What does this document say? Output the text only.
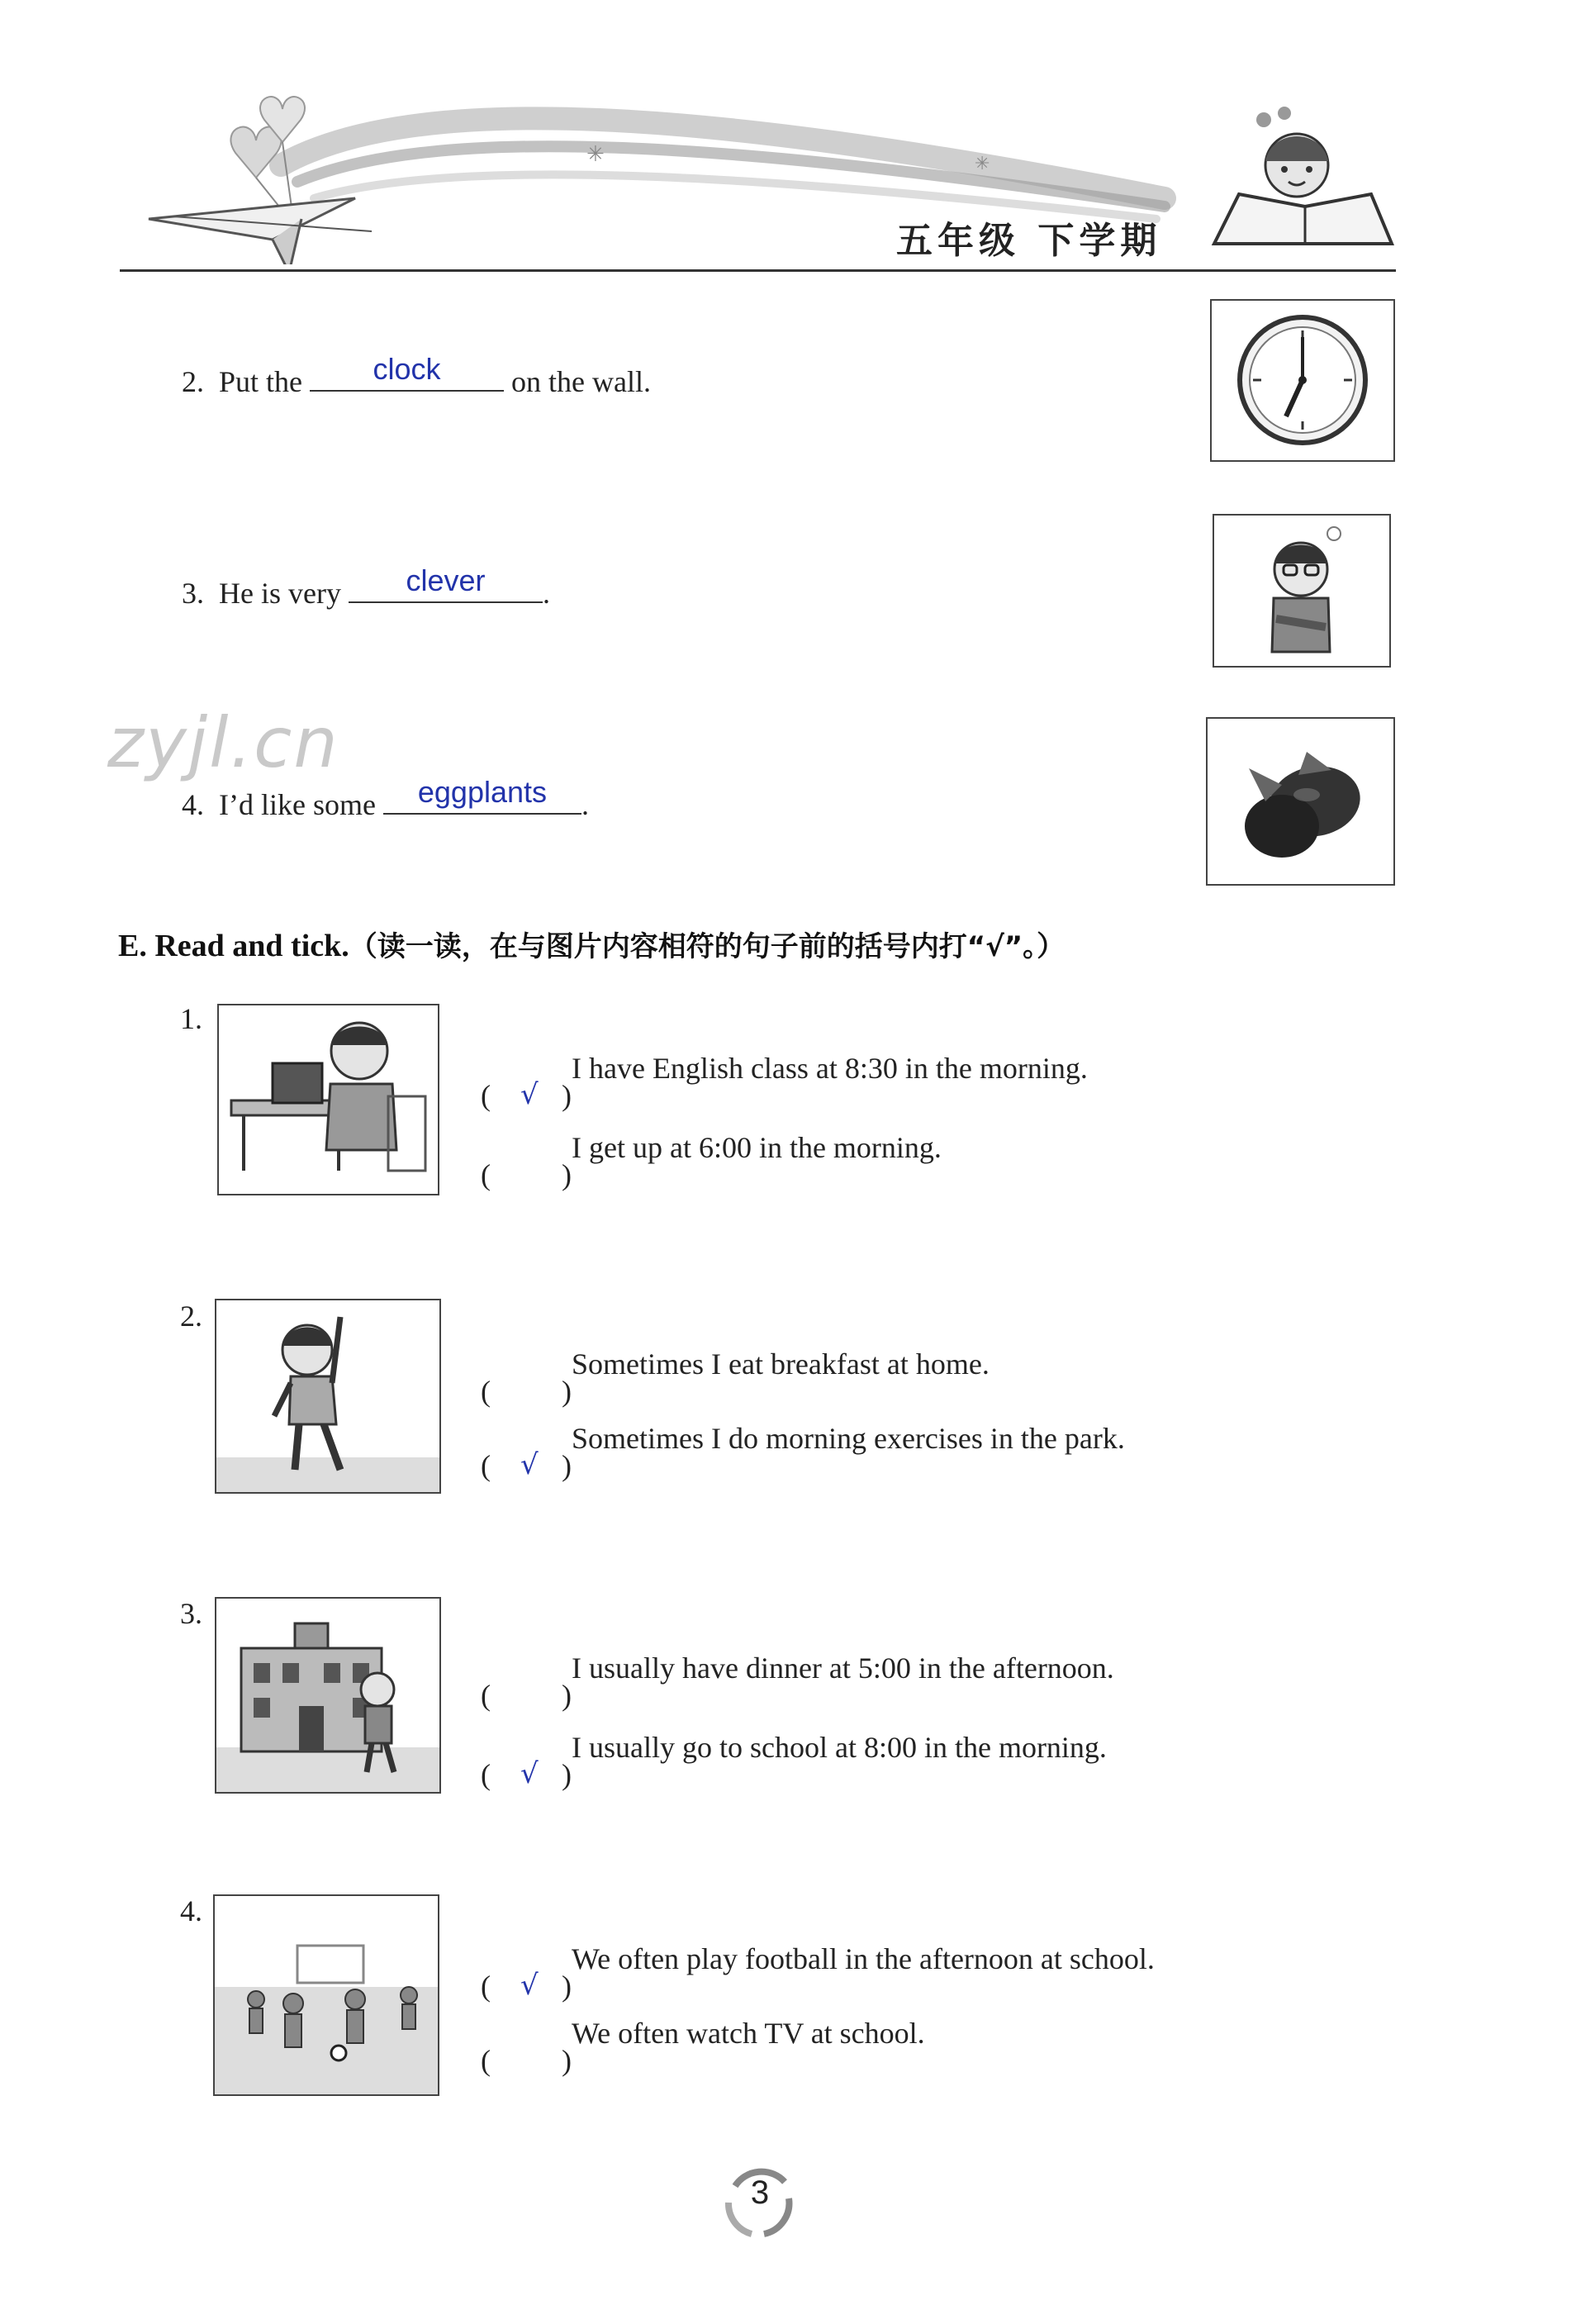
✳	✳
五年级 下学期
2. Put the	clock	on the wall.
3. He is very	clever	.
zyjl.cn
4. I’d like some	eggplants	.
E. Read and tick.（读一读，在与图片内容相符的句子前的括号内打“√”。）
1.
( √ )
I have English class at 8:30 in the morning.
( )
I get up at 6:00 in the morning.
2.
( )
Sometimes I eat breakfast at home.
( √ )
Sometimes I do morning exercises in the park.
3.
( )
I usually have dinner at 5:00 in the afternoon.
( √ )
I usually go to school at 8:00 in the morning.
4.
( √ )
We often play football in the afternoon at school.
( )
We often watch TV at school.
3
